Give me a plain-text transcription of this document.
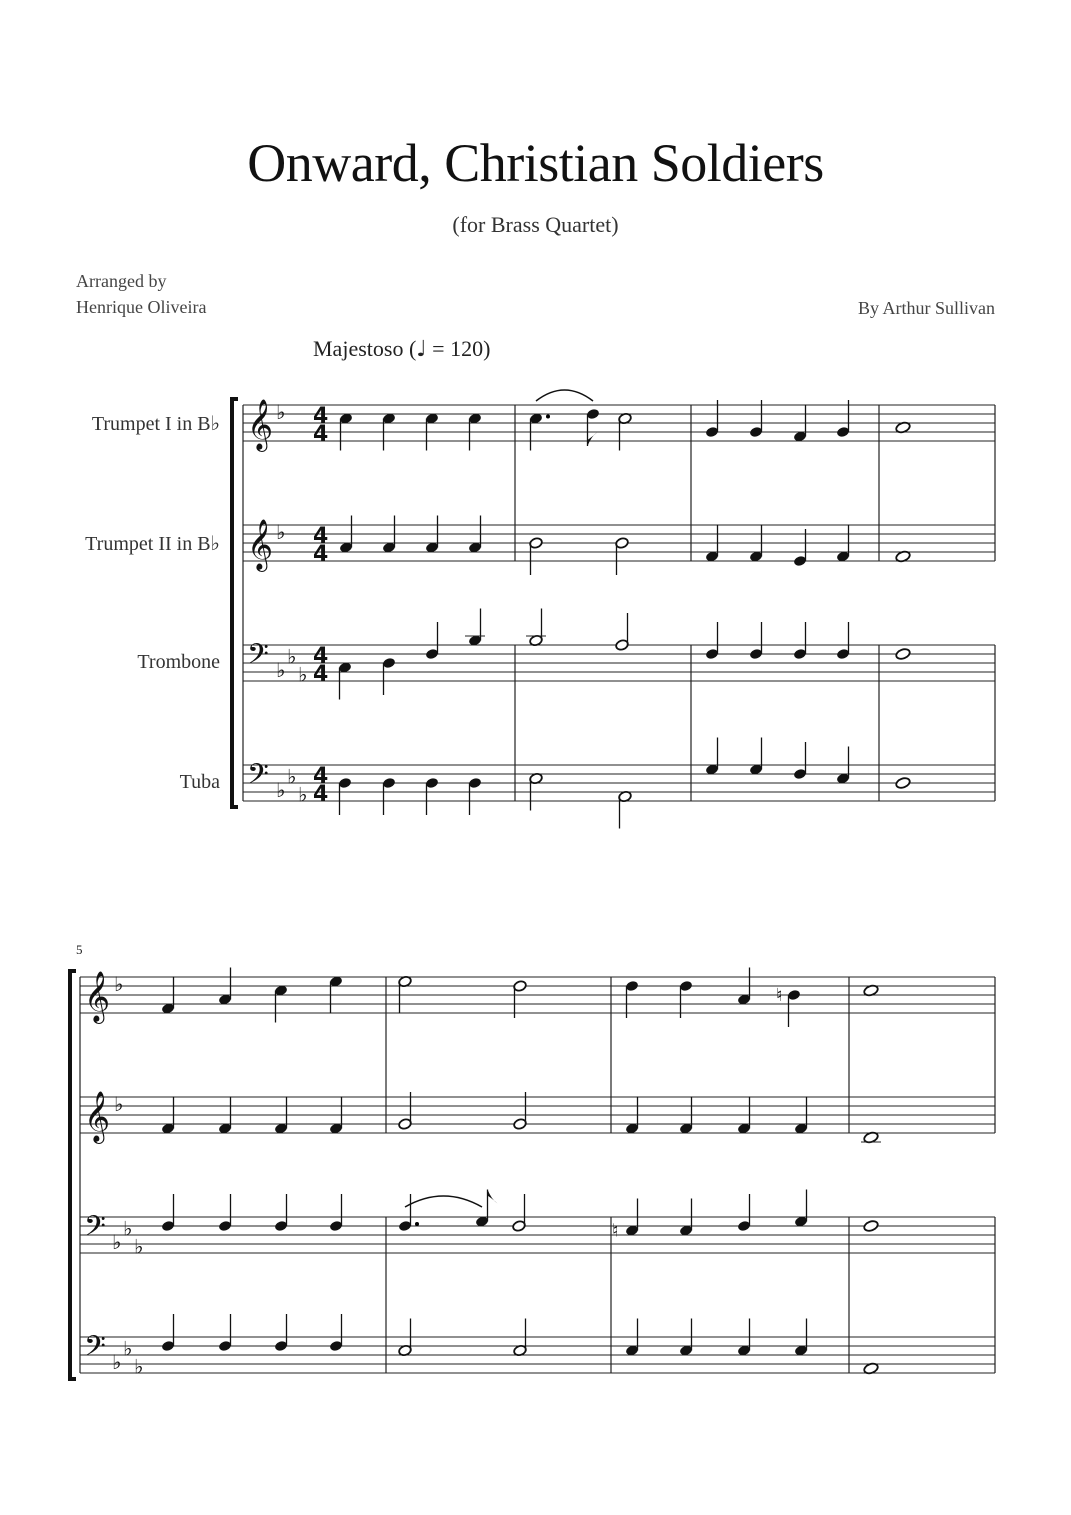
Onward, Christian Soldiers
(for Brass Quartet)
Arranged by
Henrique Oliveira	By Arthur Sullivan
Majestoso (♩ = 120)
Trumpet I in B♭
Trumpet II in B♭
Trombone
Tuba
5
𝄞 ♭ 4
4
𝄞 ♭ 4
4
𝄢 ♭
♭
♭
4
4
𝄢 ♭
♭
♭
4
4
𝄞 ♭
𝄞 ♭
𝄢 ♭
♭
♭
𝄢 ♭
♭
♭
♮
♮
